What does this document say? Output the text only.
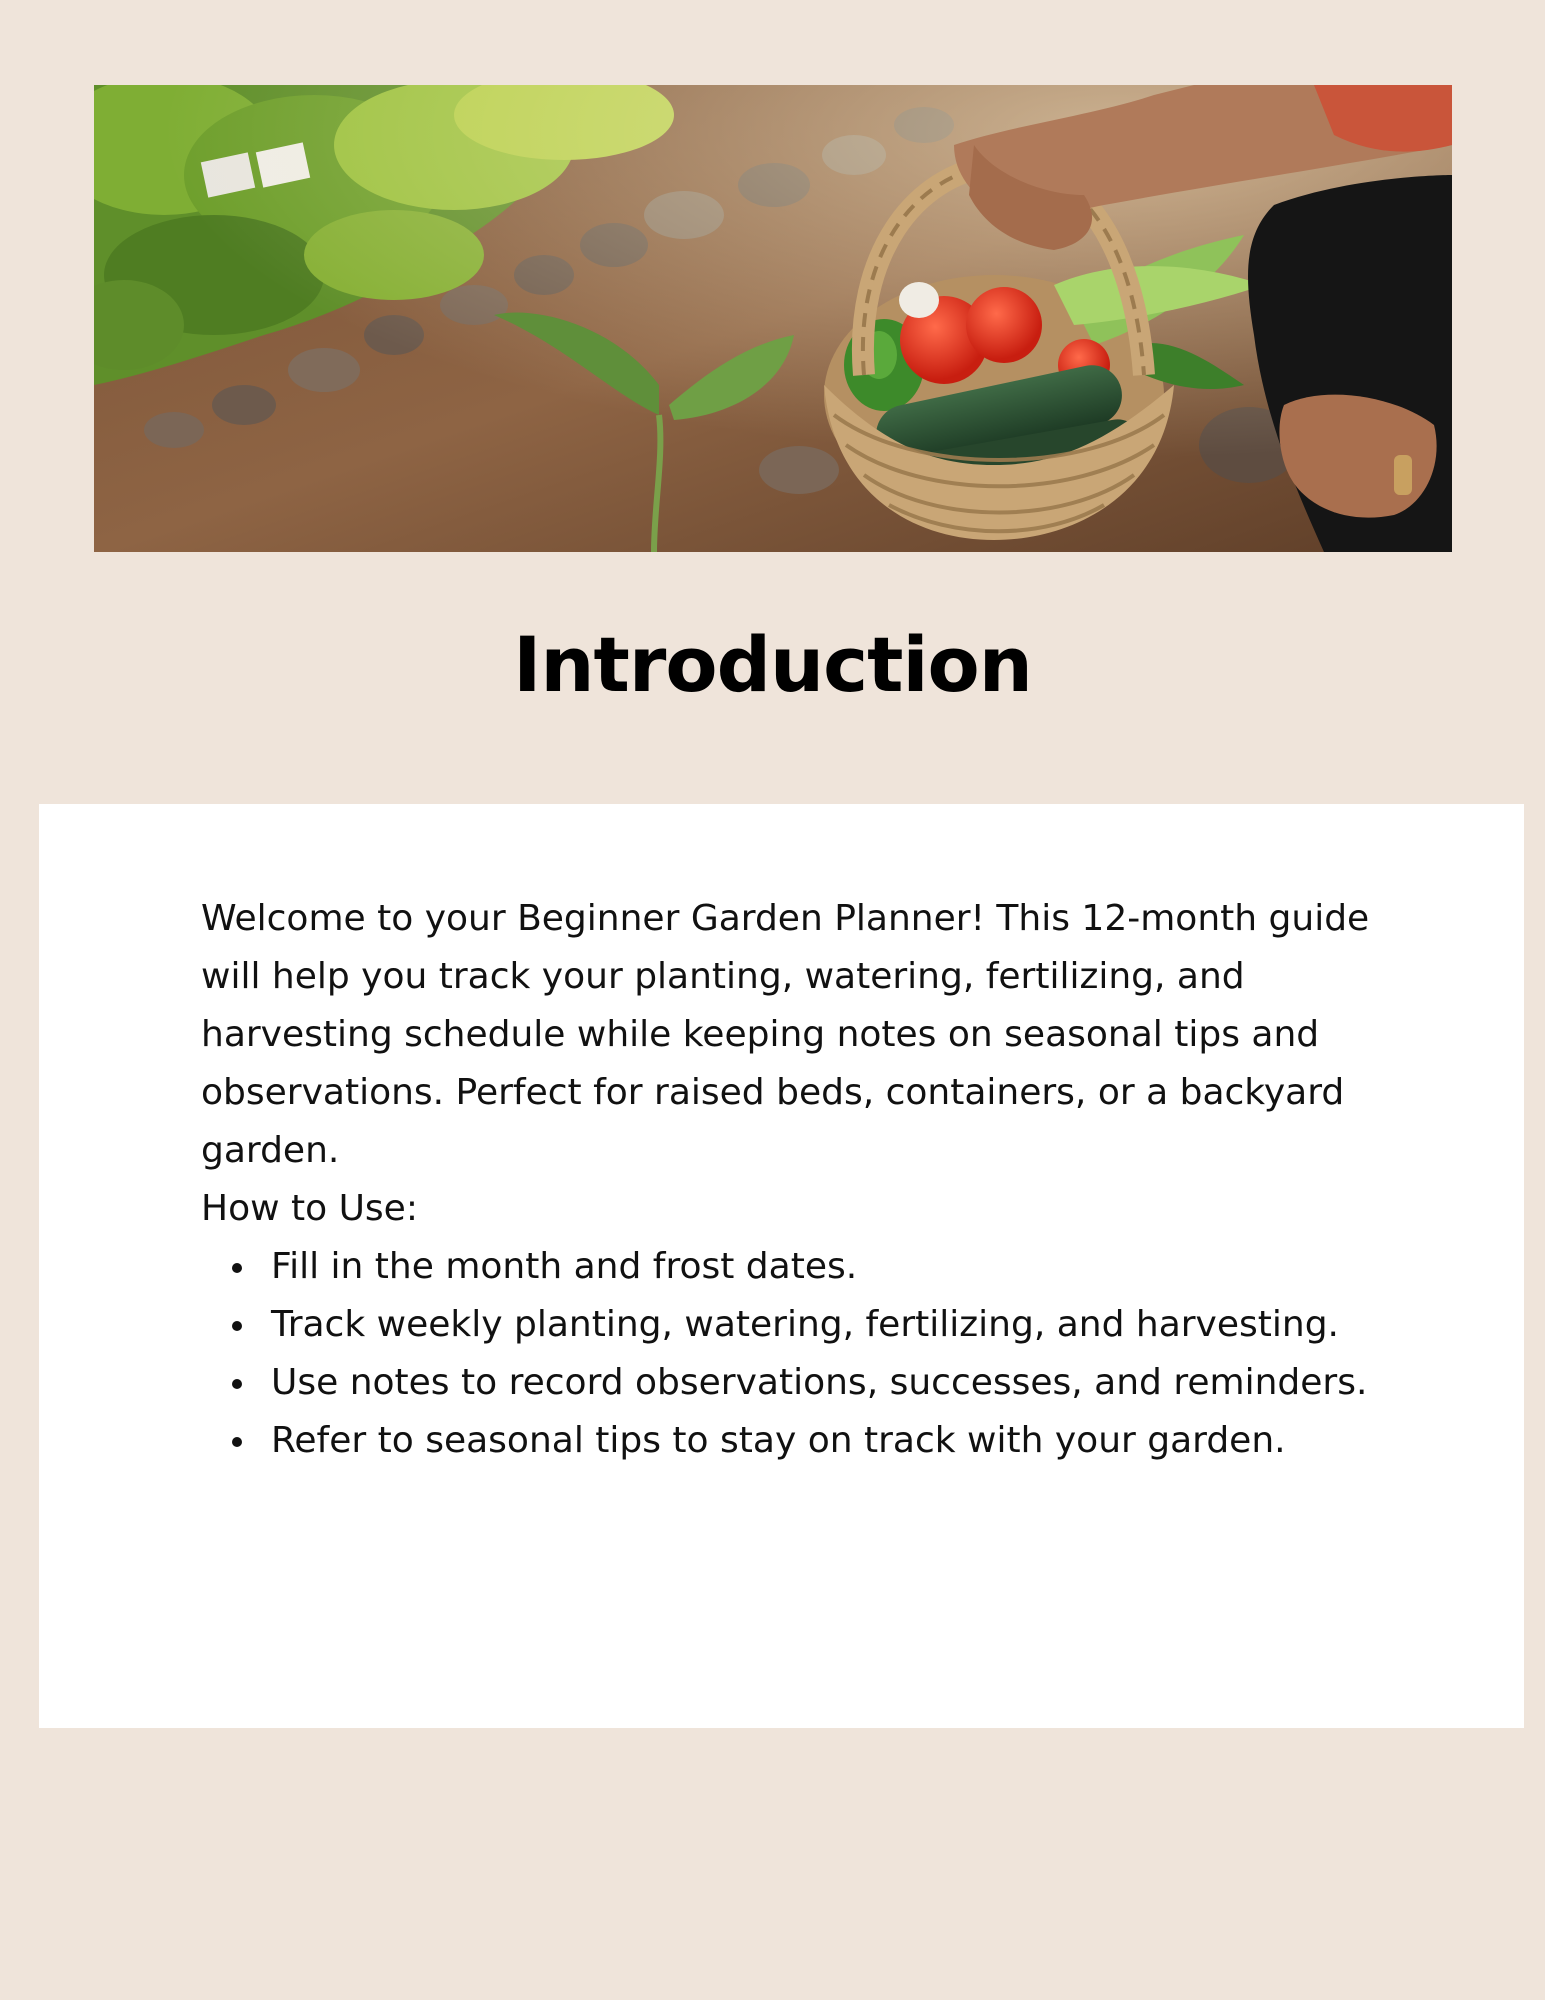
Introduction

Welcome to your Beginner Garden Planner! This 12-month guide will help you track your planting, watering, fertilizing, and harvesting schedule while keeping notes on seasonal tips and observations. Perfect for raised beds, containers, or a backyard garden.

How to Use:

Fill in the month and frost dates.
Track weekly planting, watering, fertilizing, and harvesting.
Use notes to record observations, successes, and reminders.
Refer to seasonal tips to stay on track with your garden.
